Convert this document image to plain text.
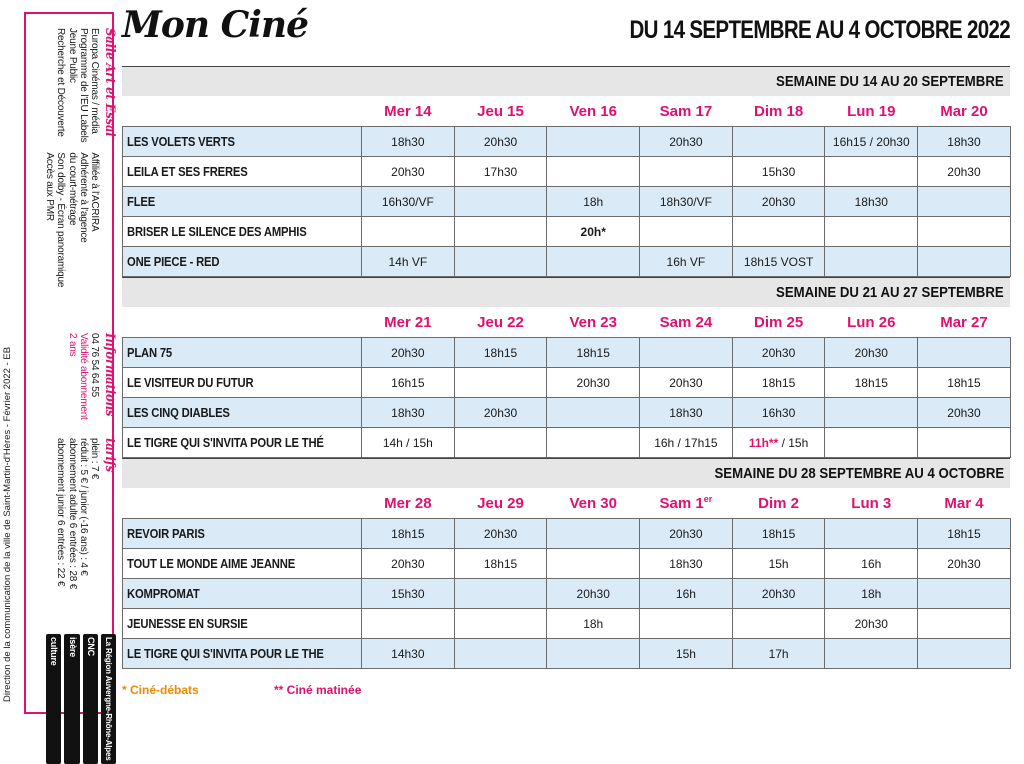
Salle Art et Essai
Europa Cinémas / média
Programme de l'EU Labels
Jeune Public
Recherche et Découverte
Affiliée à l'ACRIRA
Adhérente à l'agence
du court-métrage
Son dolby - Écran panoramique
Accès aux PMR
Informations
04 76 54 64 55
Validité abonnement
2 ans
tarifs
plein : 7 €
réduit : 5 € / junior (-16 ans) : 4 €
abonnement adulte 6 entrées : 28 €
abonnement junior 6 entrées : 22 €
La Région Auvergne-Rhône-Alpes
CNC
isère
culture
Direction de la communication de la ville de Saint-Martin-d'Hères - Février 2022 - EB
Mon Ciné	DU 14 SEPTEMBRE AU 4 OCTOBRE 2022
SEMAINE DU 14 AU 20 SEPTEMBRE
	Mer 14	Jeu 15	Ven 16	Sam 17	Dim 18	Lun 19	Mar 20
LES VOLETS VERTS	18h30	20h30		20h30		16h15 / 20h30	18h30
LEILA ET SES FRERES	20h30	17h30			15h30		20h30
FLEE	16h30/VF		18h	18h30/VF	20h30	18h30	
BRISER LE SILENCE DES AMPHIS			20h*				
ONE PIECE - RED	14h VF			16h VF	18h15 VOST		
SEMAINE DU 21 AU 27 SEPTEMBRE
	Mer 21	Jeu 22	Ven 23	Sam 24	Dim 25	Lun 26	Mar 27
PLAN 75	20h30	18h15	18h15		20h30	20h30	
LE VISITEUR DU FUTUR	16h15		20h30	20h30	18h15	18h15	18h15
LES CINQ DIABLES	18h30	20h30		18h30	16h30		20h30
LE TIGRE QUI S'INVITA POUR LE THÉ	14h / 15h			16h / 17h15	11h** / 15h		
SEMAINE DU 28 SEPTEMBRE AU 4 OCTOBRE
	Mer 28	Jeu 29	Ven 30	Sam 1er	Dim 2	Lun 3	Mar 4
REVOIR PARIS	18h15	20h30		20h30	18h15		18h15
TOUT LE MONDE AIME JEANNE	20h30	18h15		18h30	15h	16h	20h30
KOMPROMAT	15h30		20h30	16h	20h30	18h	
JEUNESSE EN SURSIE			18h			20h30	
LE TIGRE QUI S'INVITA POUR LE THE	14h30			15h	17h		
* Ciné-débats	** Ciné matinée
